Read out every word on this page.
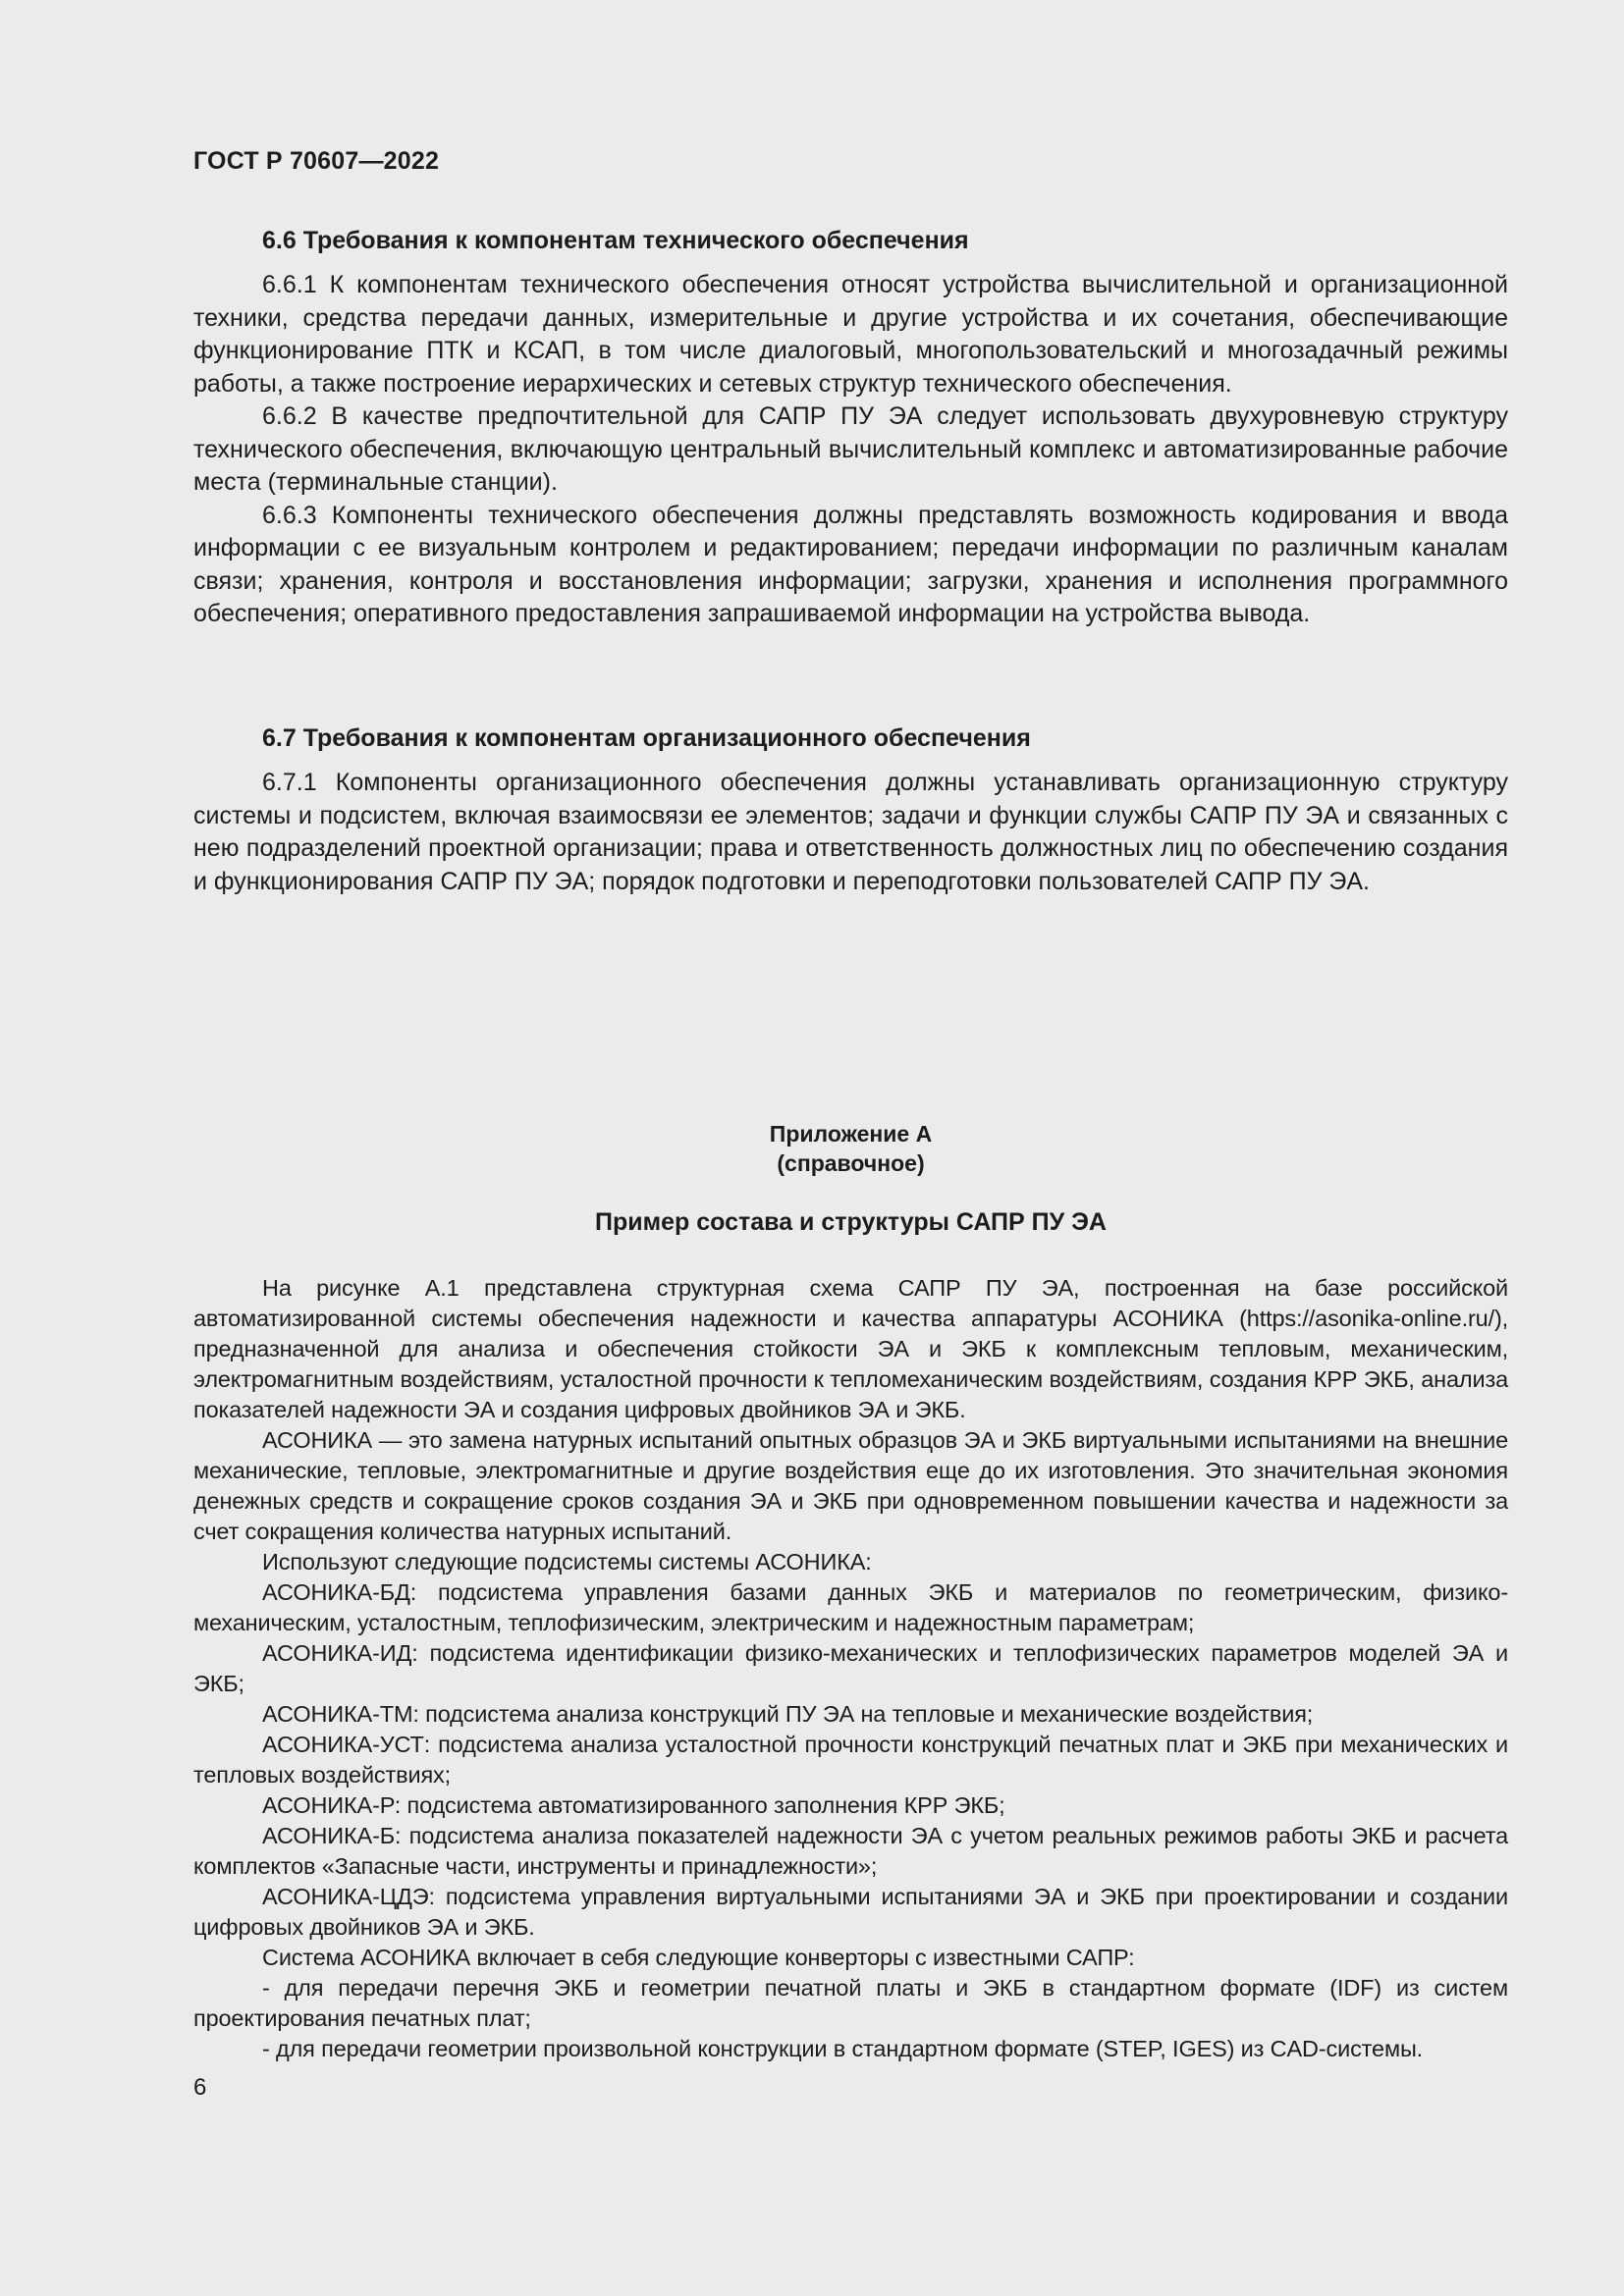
ГОСТ Р 70607—2022

6.6 Требования к компонентам технического обеспечения

6.6.1 К компонентам технического обеспечения относят устройства вычислительной и организационной техники, средства передачи данных, измерительные и другие устройства и их сочетания, обеспечивающие функционирование ПТК и КСАП, в том числе диалоговый, многопользовательский и многозадачный режимы работы, а также построение иерархических и сетевых структур технического обеспечения.

6.6.2 В качестве предпочтительной для САПР ПУ ЭА следует использовать двухуровневую структуру технического обеспечения, включающую центральный вычислительный комплекс и автоматизированные рабочие места (терминальные станции).

6.6.3 Компоненты технического обеспечения должны представлять возможность кодирования и ввода информации с ее визуальным контролем и редактированием; передачи информации по различным каналам связи; хранения, контроля и восстановления информации; загрузки, хранения и исполнения программного обеспечения; оперативного предоставления запрашиваемой информации на устройства вывода.

6.7 Требования к компонентам организационного обеспечения

6.7.1 Компоненты организационного обеспечения должны устанавливать организационную структуру системы и подсистем, включая взаимосвязи ее элементов; задачи и функции службы САПР ПУ ЭА и связанных с нею подразделений проектной организации; права и ответственность должностных лиц по обеспечению создания и функционирования САПР ПУ ЭА; порядок подготовки и переподготовки пользователей САПР ПУ ЭА.

Приложение А

(справочное)

Пример состава и структуры САПР ПУ ЭА

На рисунке А.1 представлена структурная схема САПР ПУ ЭА, построенная на базе российской автоматизированной системы обеспечения надежности и качества аппаратуры АСОНИКА (https://asonika-online.ru/), предназначенной для анализа и обеспечения стойкости ЭА и ЭКБ к комплексным тепловым, механическим, электромагнитным воздействиям, усталостной прочности к тепломеханическим воздействиям, создания КРР ЭКБ, анализа показателей надежности ЭА и создания цифровых двойников ЭА и ЭКБ.

АСОНИКА — это замена натурных испытаний опытных образцов ЭА и ЭКБ виртуальными испытаниями на внешние механические, тепловые, электромагнитные и другие воздействия еще до их изготовления. Это значительная экономия денежных средств и сокращение сроков создания ЭА и ЭКБ при одновременном повышении качества и надежности за счет сокращения количества натурных испытаний.

Используют следующие подсистемы системы АСОНИКА:

АСОНИКА-БД: подсистема управления базами данных ЭКБ и материалов по геометрическим, физико-механическим, усталостным, теплофизическим, электрическим и надежностным параметрам;

АСОНИКА-ИД: подсистема идентификации физико-механических и теплофизических параметров моделей ЭА и ЭКБ;

АСОНИКА-ТМ: подсистема анализа конструкций ПУ ЭА на тепловые и механические воздействия;

АСОНИКА-УСТ: подсистема анализа усталостной прочности конструкций печатных плат и ЭКБ при механических и тепловых воздействиях;

АСОНИКА-Р: подсистема автоматизированного заполнения КРР ЭКБ;

АСОНИКА-Б: подсистема анализа показателей надежности ЭА с учетом реальных режимов работы ЭКБ и расчета комплектов «Запасные части, инструменты и принадлежности»;

АСОНИКА-ЦДЭ: подсистема управления виртуальными испытаниями ЭА и ЭКБ при проектировании и создании цифровых двойников ЭА и ЭКБ.

Система АСОНИКА включает в себя следующие конверторы с известными САПР:

- для передачи перечня ЭКБ и геометрии печатной платы и ЭКБ в стандартном формате (IDF) из систем проектирования печатных плат;

- для передачи геометрии произвольной конструкции в стандартном формате (STEP, IGES) из CAD-системы.

6
